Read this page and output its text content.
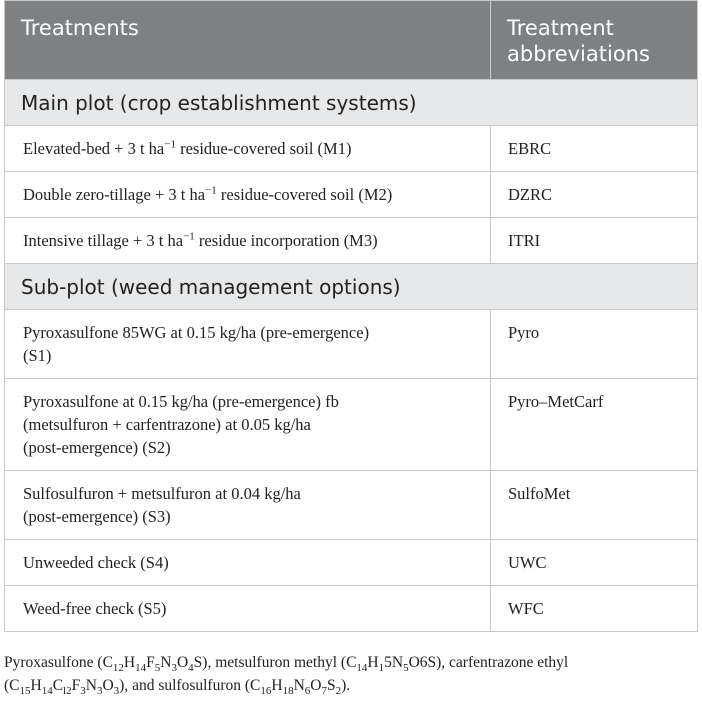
Treatments	Treatment
abbreviations
Main plot (crop establishment systems)	
Elevated-bed + 3 t $ha^{-1}$ residue-covered soil (M1)	EBRC
Double zero-tillage + 3 t $ha^{-1}$ residue-covered soil (M2)	DZRC
Intensive tillage + 3 t $ha^{-1}$ residue incorporation (M3)	ITRI
Sub-plot (weed management options)	
Pyroxasulfone 85WG at 0.15 kg/ha (pre-emergence)
(S1)	Pyro
Pyroxasulfone at 0.15 kg/ha (pre-emergence) fb
(metsulfuron + carfentrazone) at 0.05 kg/ha
(post-emergence) (S2)	Pyro–MetCarf
Sulfosulfuron + metsulfuron at 0.04 kg/ha
(post-emergence) (S3)	SulfoMet
Unweeded check (S4)	UWC
Weed-free check (S5)	WFC
Pyroxasulfone $(C_{12}H_{14}F_5N_3O_4S)$, metsulfuron methyl $(C_{14}H_15N_5O6S)$, carfentrazone ethyl
$(C_{15}H_{14}C_{l2}F_3N_3O_3)$, and sulfosulfuron $(C_{16}H_{18}N_6O_7S_2)$.
